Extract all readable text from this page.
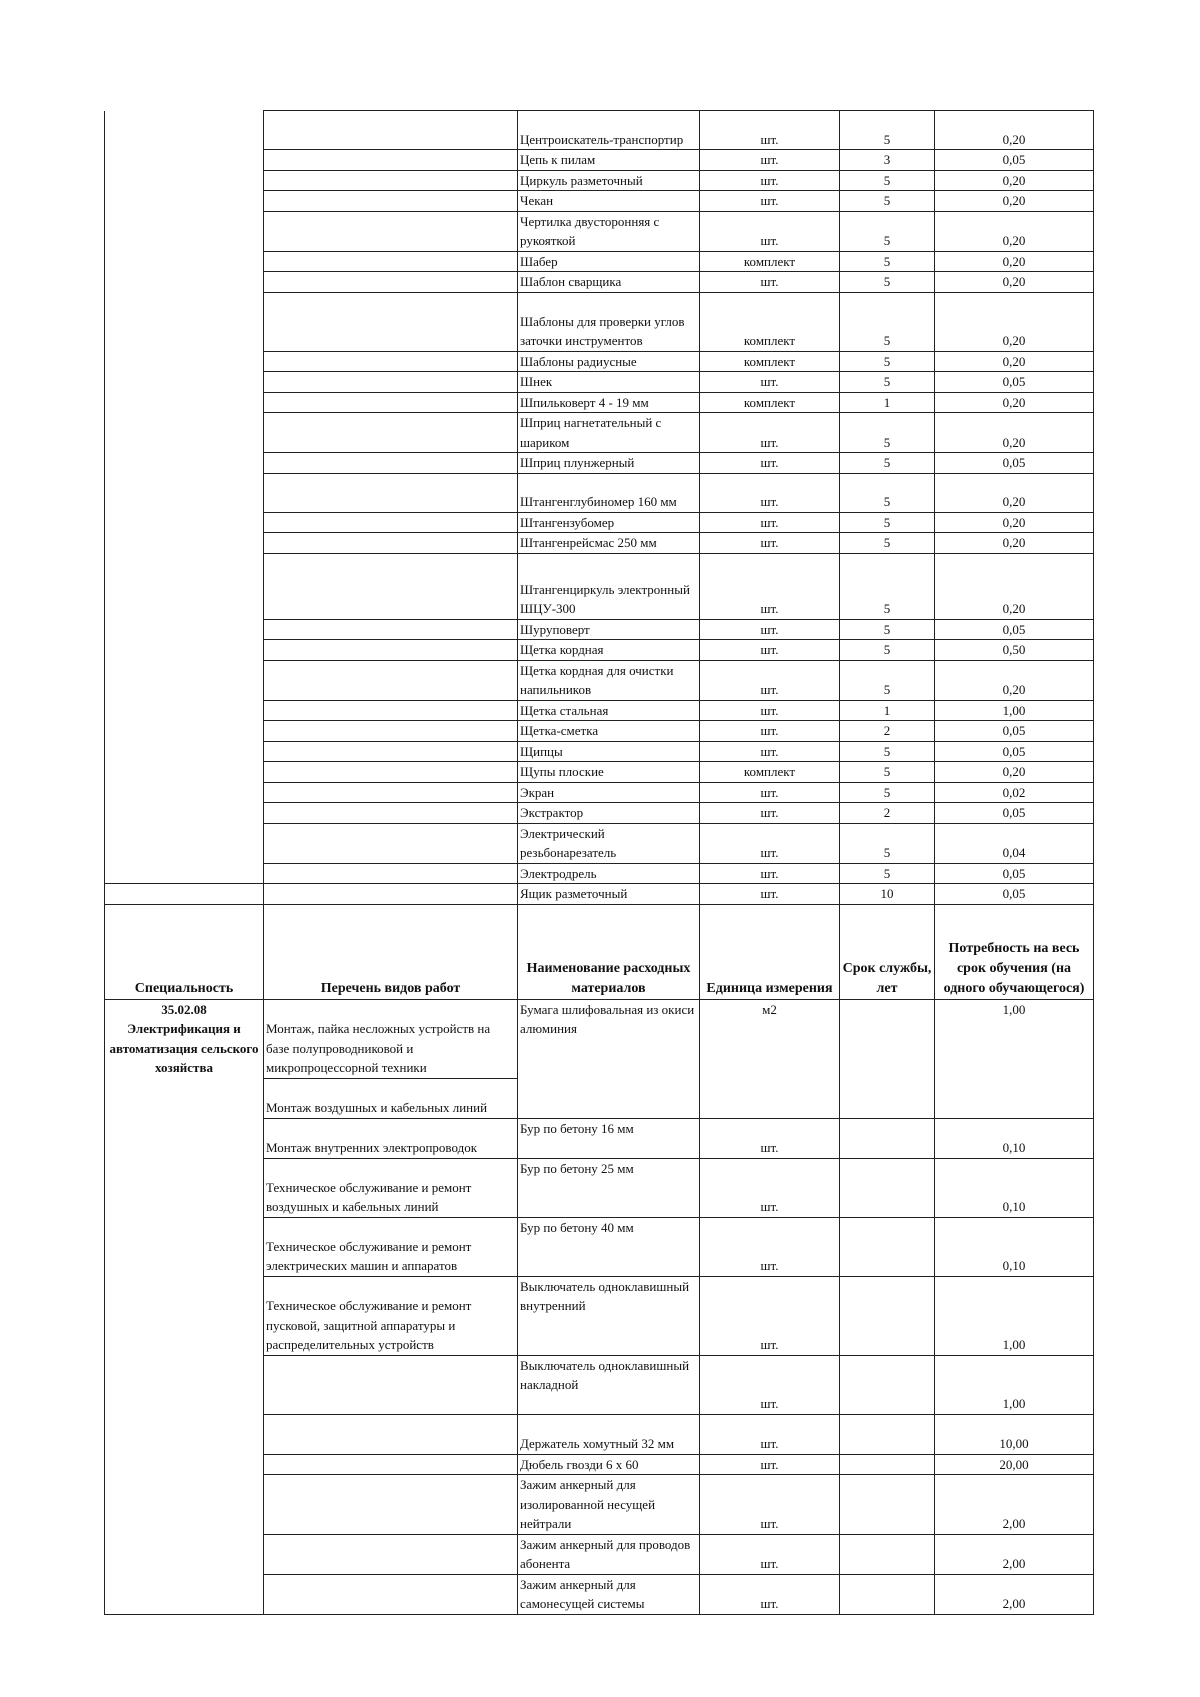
		Центроискатель-транспортир	шт.	5	0,20
		Цепь к пилам	шт.	3	0,05
		Циркуль разметочный	шт.	5	0,20
		Чекан	шт.	5	0,20
		Чертилка двусторонняя с рукояткой	шт.	5	0,20
		Шабер	комплект	5	0,20
		Шаблон сварщика	шт.	5	0,20
		Шаблоны для проверки углов заточки инструментов	комплект	5	0,20
		Шаблоны радиусные	комплект	5	0,20
		Шнек	шт.	5	0,05
		Шпильковерт 4 - 19 мм	комплект	1	0,20
		Шприц нагнетательный с шариком	шт.	5	0,20
		Шприц плунжерный	шт.	5	0,05
		Штангенглубиномер 160 мм	шт.	5	0,20
		Штангензубомер	шт.	5	0,20
		Штангенрейсмас 250 мм	шт.	5	0,20
		Штангенциркуль электронный ШЦУ-300	шт.	5	0,20
		Шуруповерт	шт.	5	0,05
		Щетка кордная	шт.	5	0,50
		Щетка кордная для очистки напильников	шт.	5	0,20
		Щетка стальная	шт.	1	1,00
		Щетка-сметка	шт.	2	0,05
		Щипцы	шт.	5	0,05
		Щупы плоские	комплект	5	0,20
		Экран	шт.	5	0,02
		Экстрактор	шт.	2	0,05
		Электрический резьбонарезатель	шт.	5	0,04
		Электродрель	шт.	5	0,05
		Ящик разметочный	шт.	10	0,05
Специальность	Перечень видов работ	Наименование расходных материалов	Единица измерения	Срок службы, лет	Потребность на весь срок обучения (на одного обучающегося)

35.02.08
Электрификация и автоматизация сельского хозяйства	Монтаж, пайка несложных устройств на базе полупроводниковой и микропроцессорной техники	Бумага шлифовальная из окиси алюминия	м2		1,00
	Монтаж воздушных и кабельных линий				
	Монтаж внутренних электропроводок	Бур по бетону 16 мм	шт.		0,10
	Техническое обслуживание и ремонт воздушных и кабельных линий	Бур по бетону 25 мм	шт.		0,10
	Техническое обслуживание и ремонт электрических машин и аппаратов	Бур по бетону 40 мм	шт.		0,10
	Техническое обслуживание и ремонт пусковой, защитной аппаратуры и распределительных устройств	Выключатель одноклавишный внутренний	шт.		1,00
		Выключатель одноклавишный накладной	шт.		1,00
		Держатель хомутный 32 мм	шт.		10,00
		Дюбель гвозди 6 х 60	шт.		20,00
		Зажим анкерный для изолированной несущей нейтрали	шт.		2,00
		Зажим анкерный для проводов абонента	шт.		2,00
		Зажим анкерный для самонесущей системы	шт.		2,00
